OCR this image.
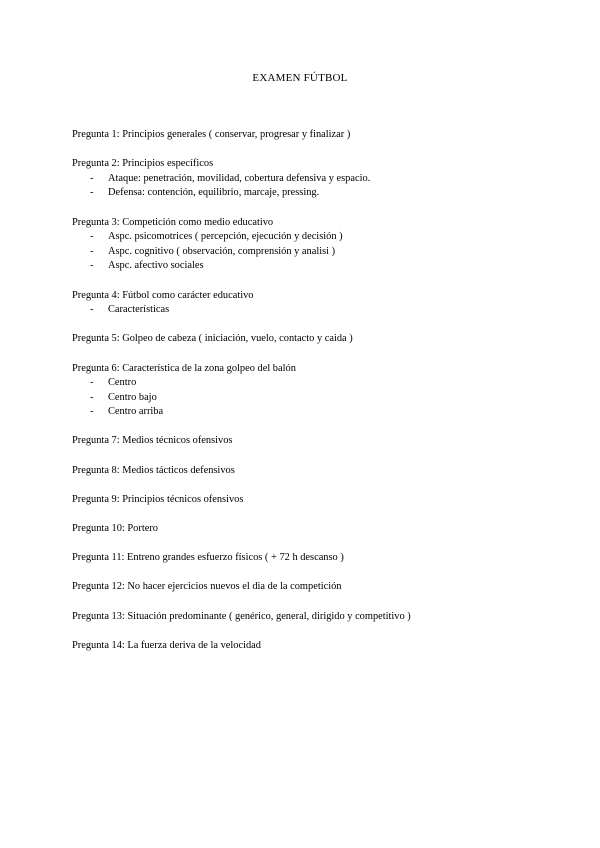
EXAMEN FÚTBOL
Pregunta 1: Principios generales ( conservar, progresar y finalizar )
Pregunta 2: Principios específicos
- Ataque: penetración, movilidad, cobertura defensiva y espacio.
- Defensa: contención, equilibrio, marcaje, pressing.
Pregunta 3: Competición como medio educativo
- Aspc. psicomotrices ( percepción, ejecución y decisión )
- Aspc. cognitivo ( observación, comprensión y analisi )
- Aspc. afectivo sociales
Pregunta 4: Fútbol como carácter educativo
- Características
Pregunta 5: Golpeo de cabeza ( iniciación, vuelo, contacto y caida )
Pregunta 6: Característica de la zona golpeo del balón
- Centro
- Centro bajo
- Centro arriba
Pregunta 7: Medios técnicos ofensivos
Pregunta 8: Medios tácticos defensivos
Pregunta 9: Principios técnicos ofensivos
Pregunta 10: Portero
Pregunta 11: Entreno grandes esfuerzo físicos ( + 72 h descanso )
Pregunta 12: No hacer ejercicios nuevos el dia de la competición
Pregunta 13: Situación predominante ( genérico, general, dirigido y competitivo )
Pregunta 14: La fuerza deriva de la velocidad
